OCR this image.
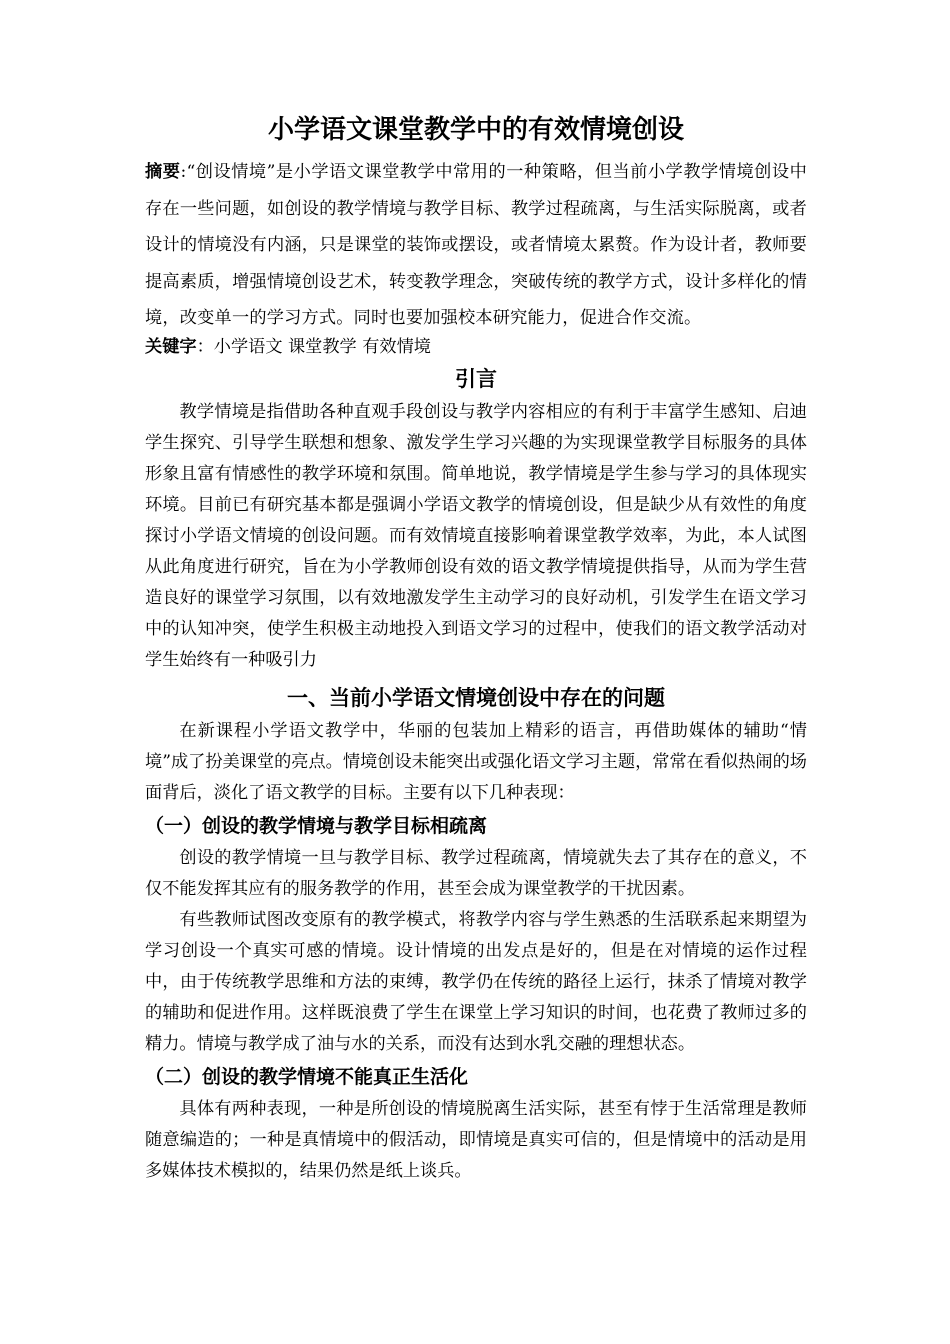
小学语文课堂教学中的有效情境创设
摘要:“创设情境”是小学语文课堂教学中常用的一种策略，但当前小学教学情境创设中存在一些问题，如创设的教学情境与教学目标、教学过程疏离，与生活实际脱离，或者设计的情境没有内涵，只是课堂的装饰或摆设，或者情境太累赘。作为设计者，教师要提高素质，增强情境创设艺术，转变教学理念，突破传统的教学方式，设计多样化的情境，改变单一的学习方式。同时也要加强校本研究能力，促进合作交流。
关键字：小学语文 课堂教学 有效情境
引言

教学情境是指借助各种直观手段创设与教学内容相应的有利于丰富学生感知、启迪学生探究、引导学生联想和想象、激发学生学习兴趣的为实现课堂教学目标服务的具体形象且富有情感性的教学环境和氛围。简单地说，教学情境是学生参与学习的具体现实环境。目前已有研究基本都是强调小学语文教学的情境创设，但是缺少从有效性的角度探讨小学语文情境的创设问题。而有效情境直接影响着课堂教学效率，为此，本人试图从此角度进行研究，旨在为小学教师创设有效的语文教学情境提供指导，从而为学生营造良好的课堂学习氛围，以有效地激发学生主动学习的良好动机，引发学生在语文学习中的认知冲突，使学生积极主动地投入到语文学习的过程中，使我们的语文教学活动对学生始终有一种吸引力

一、当前小学语文情境创设中存在的问题

在新课程小学语文教学中，华丽的包装加上精彩的语言，再借助媒体的辅助“情境”成了扮美课堂的亮点。情境创设未能突出或强化语文学习主题，常常在看似热闹的场面背后，淡化了语文教学的目标。主要有以下几种表现：

（一）创设的教学情境与教学目标相疏离

创设的教学情境一旦与教学目标、教学过程疏离，情境就失去了其存在的意义，不仅不能发挥其应有的服务教学的作用，甚至会成为课堂教学的干扰因素。

有些教师试图改变原有的教学模式，将教学内容与学生熟悉的生活联系起来期望为学习创设一个真实可感的情境。设计情境的出发点是好的，但是在对情境的运作过程中，由于传统教学思维和方法的束缚，教学仍在传统的路径上运行，抹杀了情境对教学的辅助和促进作用。这样既浪费了学生在课堂上学习知识的时间，也花费了教师过多的精力。情境与教学成了油与水的关系，而没有达到水乳交融的理想状态。

（二）创设的教学情境不能真正生活化

具体有两种表现，一种是所创设的情境脱离生活实际，甚至有悖于生活常理是教师随意编造的；一种是真情境中的假活动，即情境是真实可信的，但是情境中的活动是用多媒体技术模拟的，结果仍然是纸上谈兵。
